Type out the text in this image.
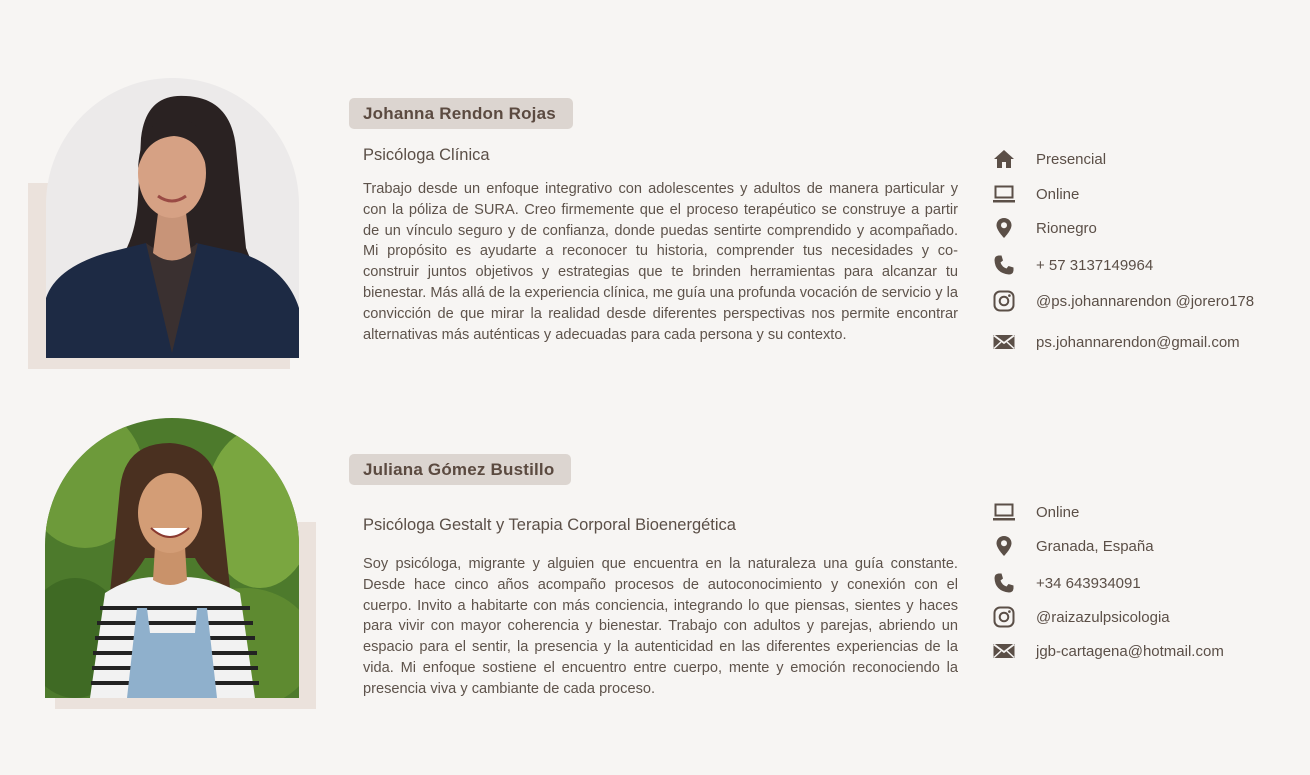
Johanna Rendon Rojas
Psicóloga Clínica

Trabajo desde un enfoque integrativo con adolescentes y adultos de manera particular y con la póliza de SURA. Creo firmemente que el proceso terapéutico se construye a partir de un vínculo seguro y de confianza, donde puedas sentirte comprendido y acompañado. Mi propósito es ayudarte a reconocer tu historia, comprender tus necesidades y co-construir juntos objetivos y estrategias que te brinden herramientas para alcanzar tu bienestar. Más allá de la experiencia clínica, me guía una profunda vocación de servicio y la convicción de que mirar la realidad desde diferentes perspectivas nos permite encontrar alternativas más auténticas y adecuadas para cada persona y su contexto.

Presencial
Online
Rionegro
+ 57 3137149964
@ps.johannarendon @jorero178
ps.johannarendon@gmail.com
Juliana Gómez Bustillo
Psicóloga Gestalt y Terapia Corporal Bioenergética

Soy psicóloga, migrante y alguien que encuentra en la naturaleza una guía constante. Desde hace cinco años acompaño procesos de autoconocimiento y conexión con el cuerpo. Invito a habitarte con más conciencia, integrando lo que piensas, sientes y haces para vivir con mayor coherencia y bienestar. Trabajo con adultos y parejas, abriendo un espacio para el sentir, la presencia y la autenticidad en las diferentes experiencias de la vida. Mi enfoque sostiene el encuentro entre cuerpo, mente y emoción reconociendo la presencia viva y cambiante de cada proceso.

Online
Granada, España
+34 643934091
@raizazulpsicologia
jgb-cartagena@hotmail.com
